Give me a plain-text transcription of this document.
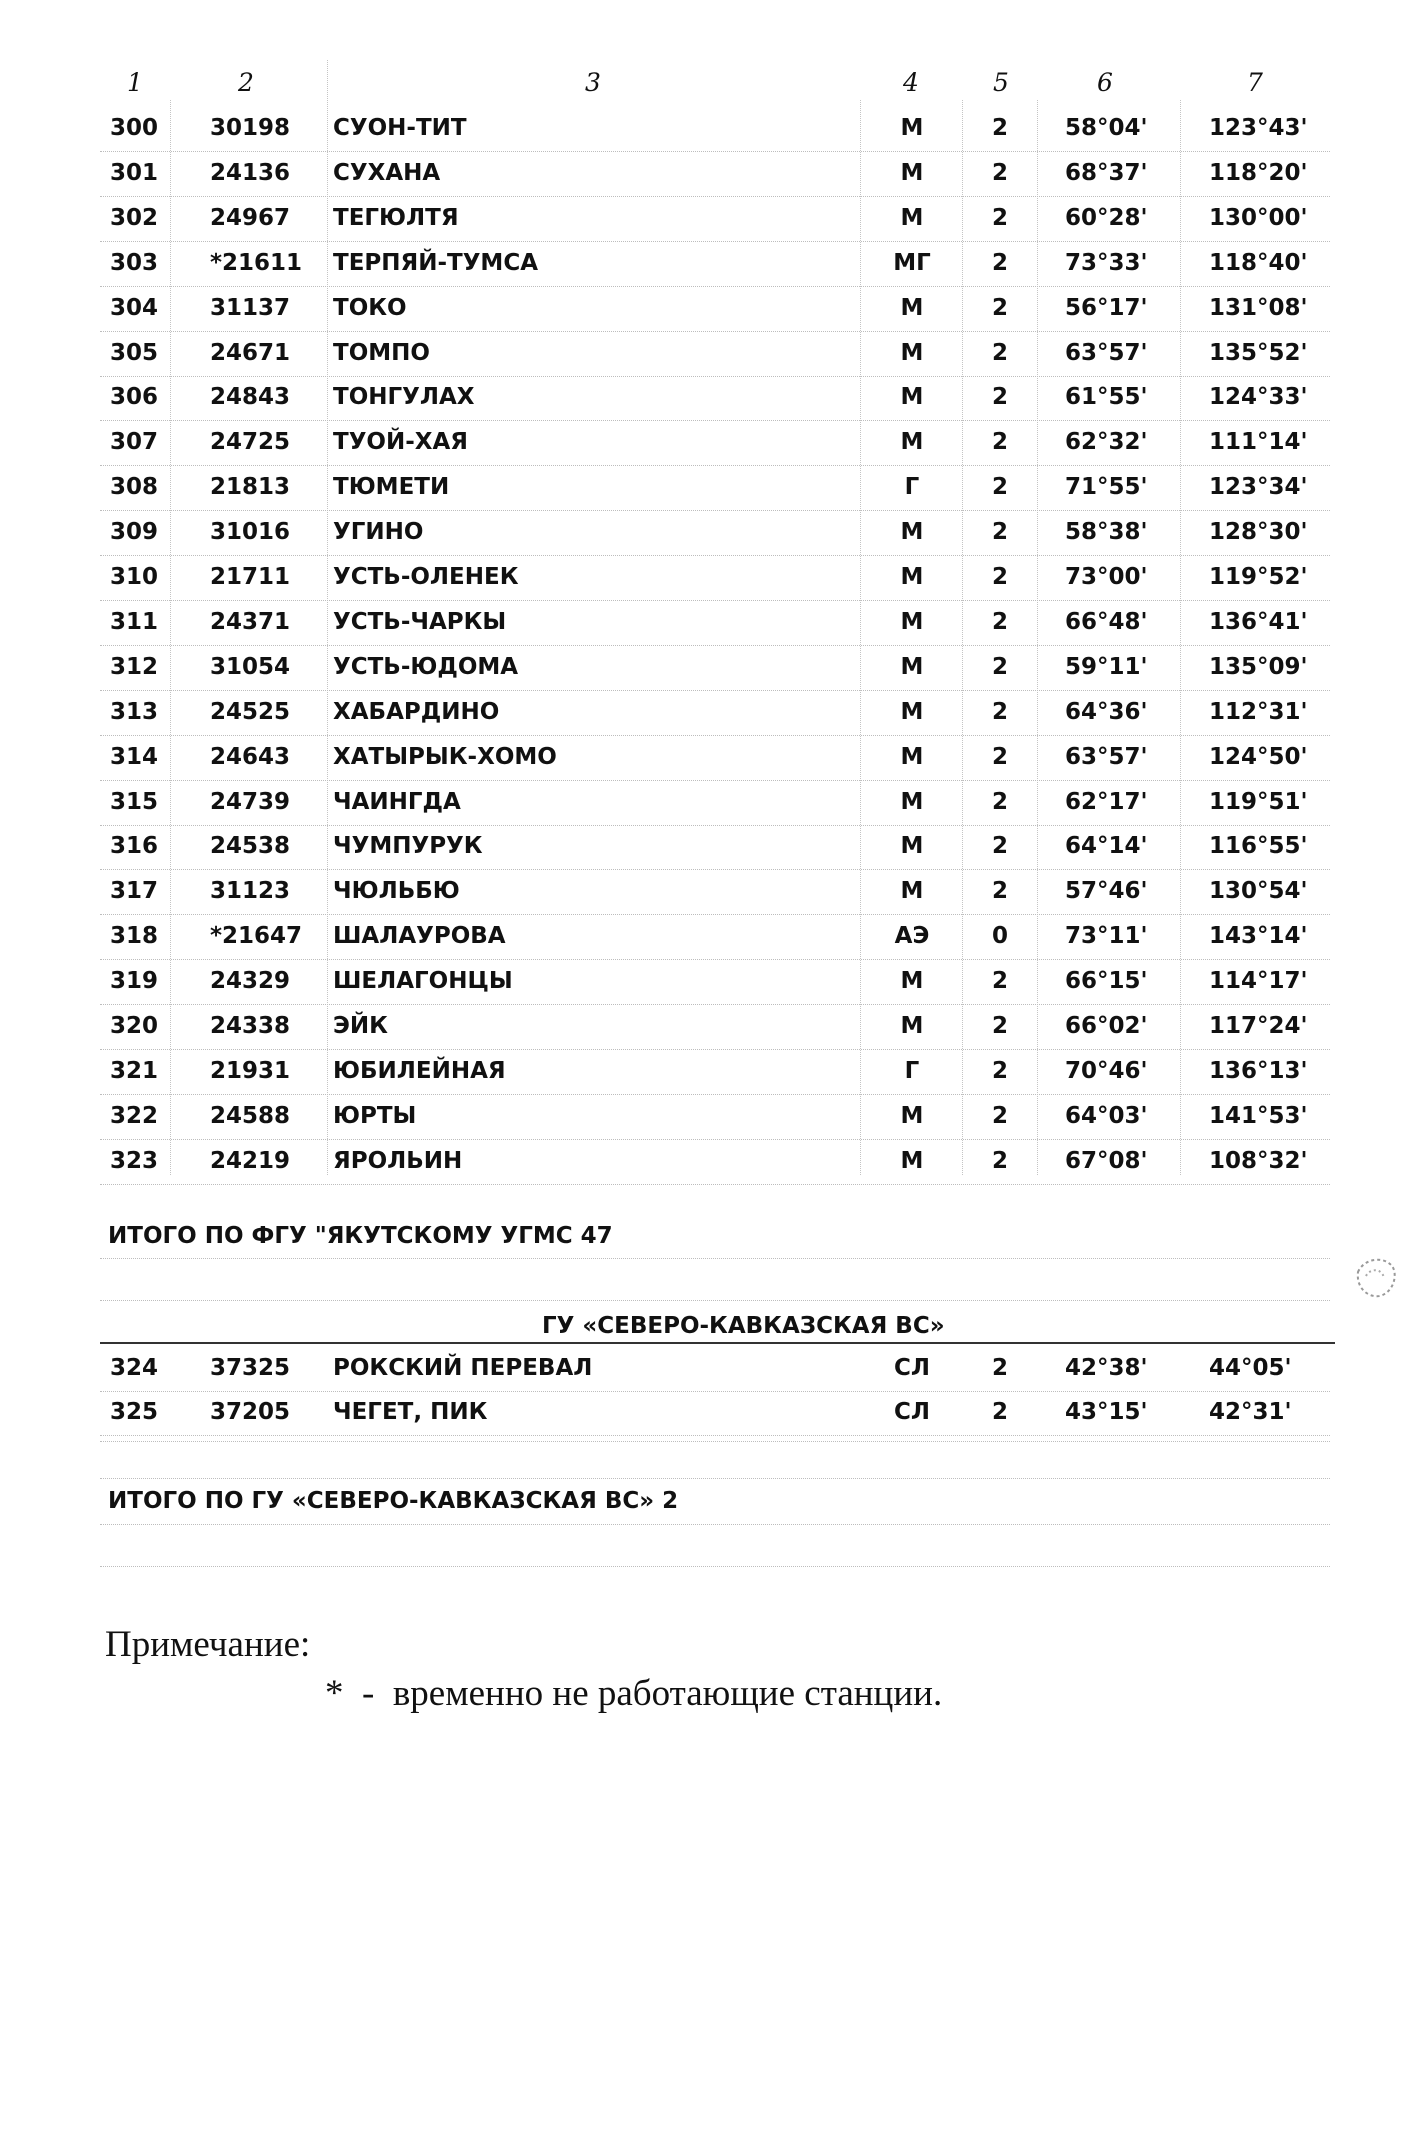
1	2	3	4	5	6	7
300 30198 СУОН-ТИТ	М	2 58°04'	123°43'
301 24136 СУХАНА	М	2 68°37'	118°20'
302 24967 ТЕГЮЛТЯ	М	2 60°28'	130°00'
303 *21611 ТЕРПЯЙ-ТУМСА	МГ	2 73°33'	118°40'
304 31137 ТОКО	М	2 56°17'	131°08'
305 24671 ТОМПО	М	2 63°57'	135°52'
306 24843 ТОНГУЛАХ	М	2 61°55'	124°33'
307 24725 ТУОЙ-ХАЯ	М	2 62°32'	111°14'
308 21813 ТЮМЕТИ	Г	2 71°55'	123°34'
309 31016 УГИНО	М	2 58°38'	128°30'
310 21711 УСТЬ-ОЛЕНЕК	М	2 73°00'	119°52'
311 24371 УСТЬ-ЧАРКЫ	М	2 66°48'	136°41'
312 31054 УСТЬ-ЮДОМА	М	2 59°11'	135°09'
313 24525 ХАБАРДИНО	М	2 64°36'	112°31'
314 24643 ХАТЫРЫК-ХОМО	М	2 63°57'	124°50'
315 24739 ЧАИНГДА	М	2 62°17'	119°51'
316 24538 ЧУМПУРУК	М	2 64°14'	116°55'
317 31123 ЧЮЛЬБЮ	М	2 57°46'	130°54'
318 *21647 ШАЛАУРОВА	АЭ	0 73°11'	143°14'
319 24329 ШЕЛАГОНЦЫ	М	2 66°15'	114°17'
320 24338 ЭЙК	М	2 66°02'	117°24'
321 21931 ЮБИЛЕЙНАЯ	Г	2 70°46'	136°13'
322 24588 ЮРТЫ	М	2 64°03'	141°53'
323 24219 ЯРОЛЬИН	М	2 67°08'	108°32'
ИТОГО ПО ФГУ "ЯКУТСКОМУ УГМС 47
ГУ «СЕВЕРО-КАВКАЗСКАЯ ВС»
324 37325 РОКСКИЙ ПЕРЕВАЛ	СЛ	2 42°38'	44°05'
325 37205 ЧЕГЕТ, ПИК	СЛ	2 43°15'	42°31'
ИТОГО ПО ГУ «СЕВЕРО-КАВКАЗСКАЯ ВС» 2
Примечание:
*  -  временно не работающие станции.
